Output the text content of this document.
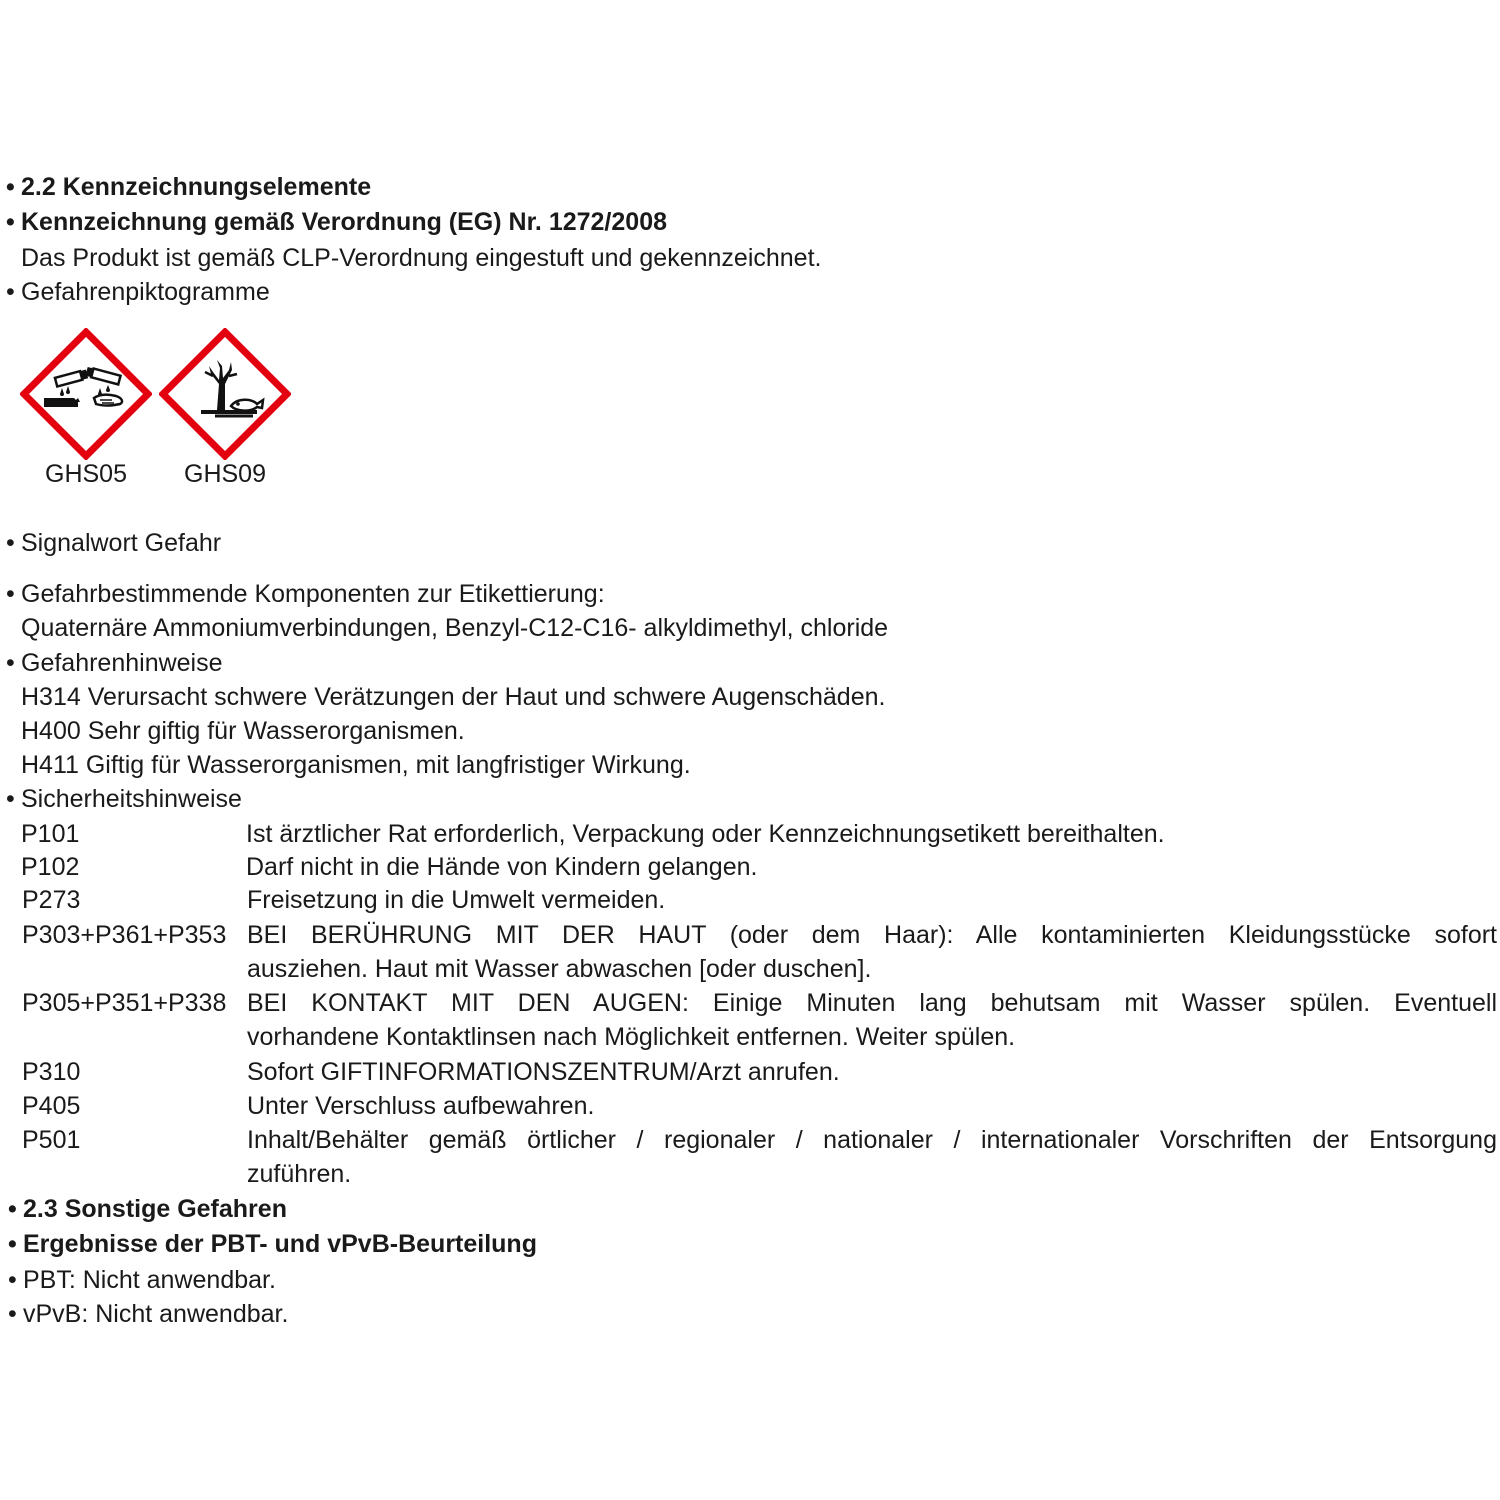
• 2.2 Kennzeichnungselemente
• Kennzeichnung gemäß Verordnung (EG) Nr. 1272/2008
Das Produkt ist gemäß CLP-Verordnung eingestuft und gekennzeichnet.
• Gefahrenpiktogramme
GHS05	GHS09
• Signalwort Gefahr
• Gefahrbestimmende Komponenten zur Etikettierung:
Quaternäre Ammoniumverbindungen, Benzyl-C12-C16- alkyldimethyl, chloride
• Gefahrenhinweise
H314 Verursacht schwere Verätzungen der Haut und schwere Augenschäden.
H400 Sehr giftig für Wasserorganismen.
H411 Giftig für Wasserorganismen, mit langfristiger Wirkung.
• Sicherheitshinweise
P101	Ist ärztlicher Rat erforderlich, Verpackung oder Kennzeichnungsetikett bereithalten.
P102	Darf nicht in die Hände von Kindern gelangen.
P273	Freisetzung in die Umwelt vermeiden.
P303+P361+P353 BEI BERÜHRUNG MIT DER HAUT (oder dem Haar): Alle kontaminierten Kleidungsstücke sofort
ausziehen. Haut mit Wasser abwaschen [oder duschen].
P305+P351+P338 BEI KONTAKT MIT DEN AUGEN: Einige Minuten lang behutsam mit Wasser spülen. Eventuell
vorhandene Kontaktlinsen nach Möglichkeit entfernen. Weiter spülen.
P310	Sofort GIFTINFORMATIONSZENTRUM/Arzt anrufen.
P405	Unter Verschluss aufbewahren.
P501	Inhalt/Behälter gemäß örtlicher / regionaler / nationaler / internationaler Vorschriften der Entsorgung
zuführen.
• 2.3 Sonstige Gefahren
• Ergebnisse der PBT- und vPvB-Beurteilung
• PBT: Nicht anwendbar.
• vPvB: Nicht anwendbar.
